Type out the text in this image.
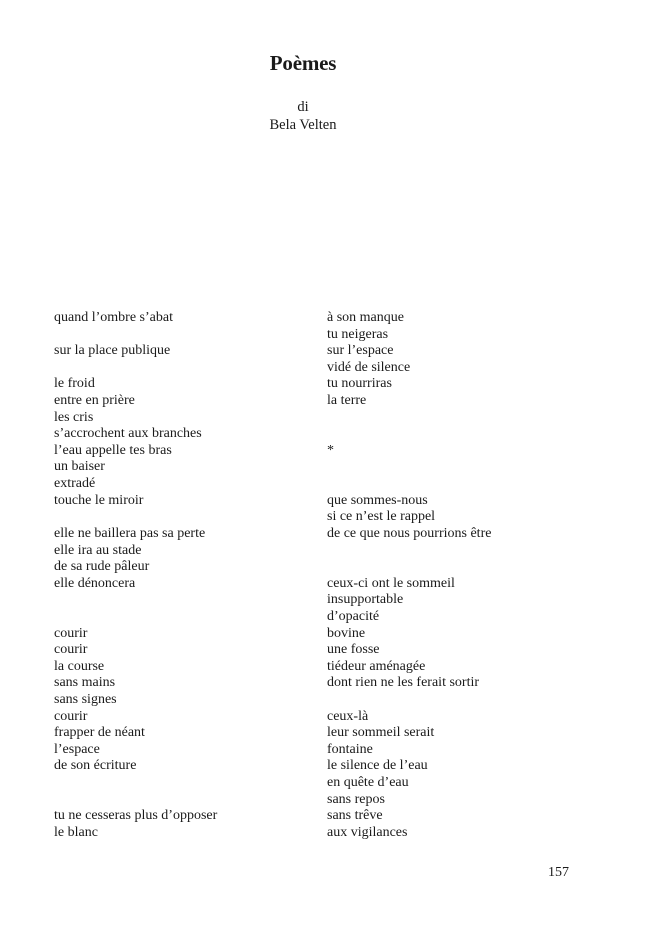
Poèmes
di
Bela Velten
quand l’ombre s’abat
sur la place publique
le froid
entre en prière
les cris
s’accrochent aux branches
l’eau appelle tes bras
un baiser
extradé
touche le miroir
elle ne baillera pas sa perte
elle ira au stade
de sa rude pâleur
elle dénoncera
courir
courir
la course
sans mains
sans signes
courir
frapper de néant
l’espace
de son écriture
tu ne cesseras plus d’opposer
le blanc
à son manque
tu neigeras
sur l’espace
vidé de silence
tu nourriras
la terre
*
que sommes-nous
si ce n’est le rappel
de ce que nous pourrions être
ceux-ci ont le sommeil
insupportable
d’opacité
bovine
une fosse
tiédeur aménagée
dont rien ne les ferait sortir
ceux-là
leur sommeil serait
fontaine
le silence de l’eau
en quête d’eau
sans repos
sans trêve
aux vigilances
157
